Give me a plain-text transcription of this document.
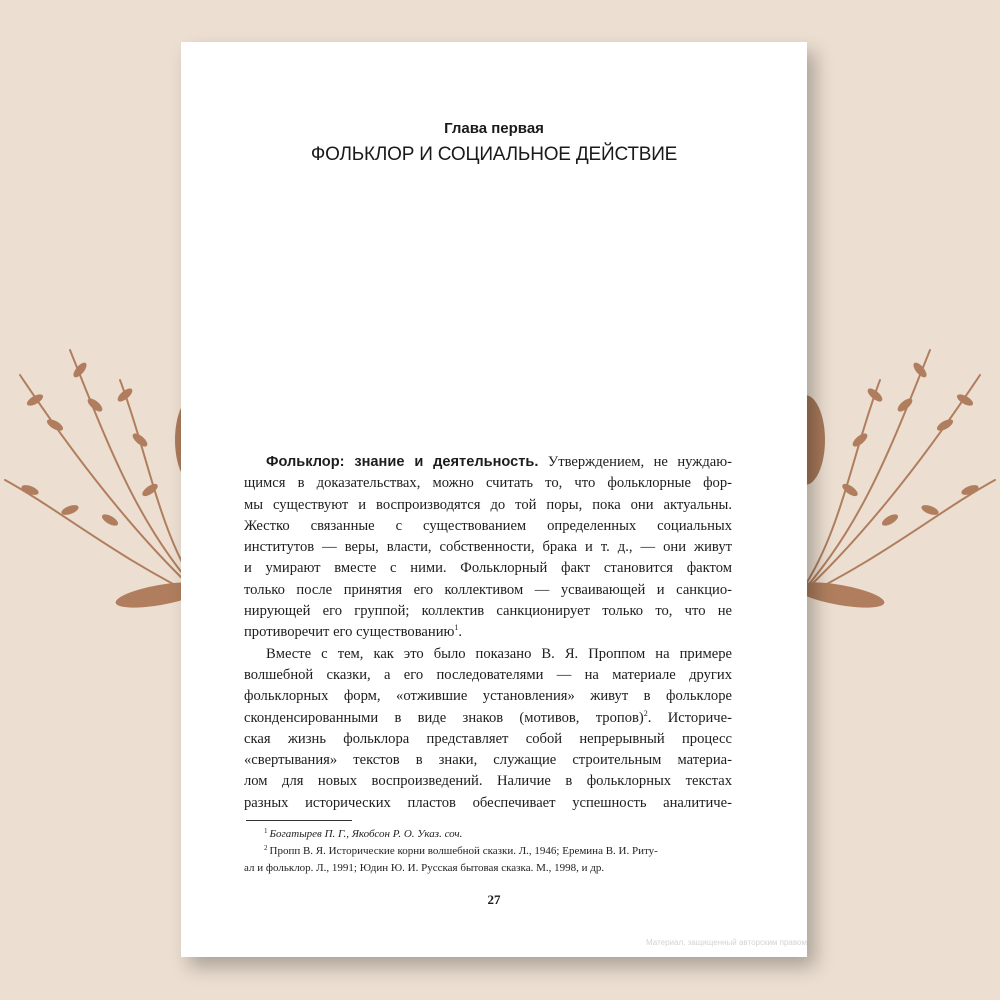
Глава первая
ФОЛЬКЛОР И СОЦИАЛЬНОЕ ДЕЙСТВИЕ
Фольклор: знание и деятельность. Утверждением, не нуждаю-
щимся в доказательствах, можно считать то, что фольклорные фор-
мы существуют и воспроизводятся до той поры, пока они актуальны.
Жестко связанные с существованием определенных социальных
институтов — веры, власти, собственности, брака и т. д., — они живут
и умирают вместе с ними. Фольклорный факт становится фактом
только после принятия его коллективом — усваивающей и санкцио-
нирующей его группой; коллектив санкционирует только то, что не
противоречит его существованию$^1$.
Вместе с тем, как это было показано В. Я. Проппом на примере
волшебной сказки, а его последователями — на материале других
фольклорных форм, «отжившие установления» живут в фольклоре
сконденсированными в виде знаков (мотивов, тропов)$^2$. Историче-
ская жизнь фольклора представляет собой непрерывный процесс
«свертывания» текстов в знаки, служащие строительным материа-
лом для новых воспроизведений. Наличие в фольклорных текстах
разных исторических пластов обеспечивает успешность аналитиче-
$^1$ Богатырев П. Г., Якобсон Р. О. Указ. соч.
$^2$ Пропп В. Я. Исторические корни волшебной сказки. Л., 1946; Еремина В. И. Риту-
ал и фольклор. Л., 1991; Юдин Ю. И. Русская бытовая сказка. М., 1998, и др.
27
Материал, защищенный авторским правом
